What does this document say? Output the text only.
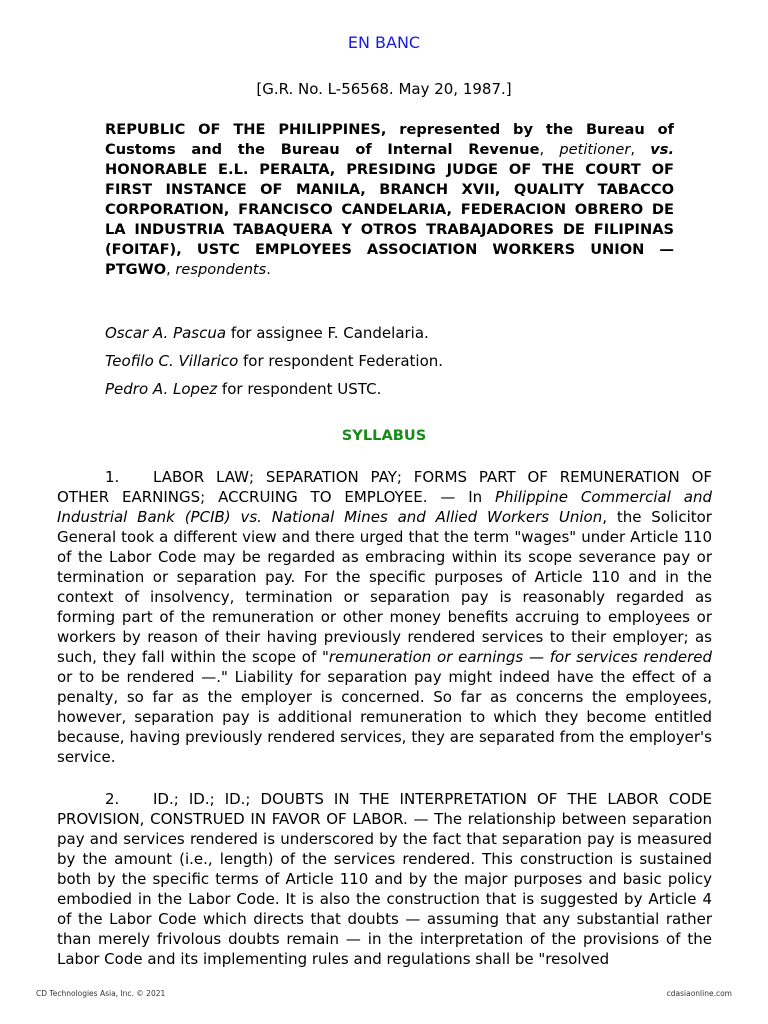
EN BANC
[G.R. No. L-56568. May 20, 1987.]
REPUBLIC OF THE PHILIPPINES, represented by the Bureau of Customs and the Bureau of Internal Revenue, petitioner, vs. HONORABLE E.L. PERALTA, PRESIDING JUDGE OF THE COURT OF FIRST INSTANCE OF MANILA, BRANCH XVII, QUALITY TABACCO CORPORATION, FRANCISCO CANDELARIA, FEDERACION OBRERO DE LA INDUSTRIA TABAQUERA Y OTROS TRABAJADORES DE FILIPINAS (FOITAF), USTC EMPLOYEES ASSOCIATION WORKERS UNION — PTGWO, respondents.
Oscar A. Pascua for assignee F. Candelaria.
Teofilo C. Villarico for respondent Federation.
Pedro A. Lopez for respondent USTC.
SYLLABUS
1. LABOR LAW; SEPARATION PAY; FORMS PART OF REMUNERATION OF OTHER EARNINGS; ACCRUING TO EMPLOYEE. — In Philippine Commercial and Industrial Bank (PCIB) vs. National Mines and Allied Workers Union, the Solicitor General took a different view and there urged that the term "wages" under Article 110 of the Labor Code may be regarded as embracing within its scope severance pay or termination or separation pay. For the specific purposes of Article 110 and in the context of insolvency, termination or separation pay is reasonably regarded as forming part of the remuneration or other money benefits accruing to employees or workers by reason of their having previously rendered services to their employer; as such, they fall within the scope of "remuneration or earnings — for services rendered or to be rendered —." Liability for separation pay might indeed have the effect of a penalty, so far as the employer is concerned. So far as concerns the employees, however, separation pay is additional remuneration to which they become entitled because, having previously rendered services, they are separated from the employer's service.
2. ID.; ID.; ID.; DOUBTS IN THE INTERPRETATION OF THE LABOR CODE PROVISION, CONSTRUED IN FAVOR OF LABOR. — The relationship between separation pay and services rendered is underscored by the fact that separation pay is measured by the amount (i.e., length) of the services rendered. This construction is sustained both by the specific terms of Article 110 and by the major purposes and basic policy embodied in the Labor Code. It is also the construction that is suggested by Article 4 of the Labor Code which directs that doubts — assuming that any substantial rather than merely frivolous doubts remain — in the interpretation of the provisions of the Labor Code and its implementing rules and regulations shall be "resolved
CD Technologies Asia, Inc. © 2021	cdasiaonline.com
